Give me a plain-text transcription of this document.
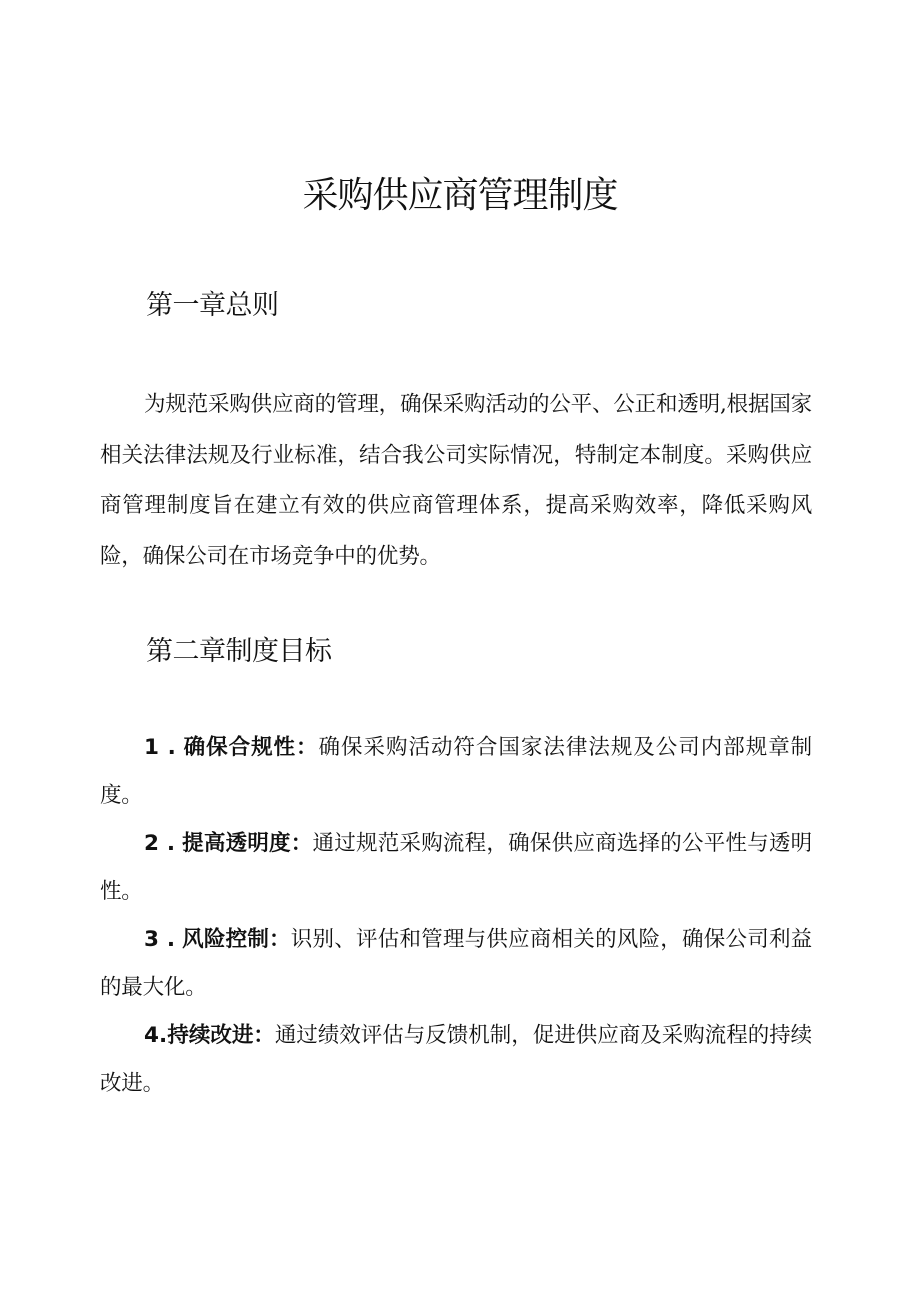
采购供应商管理制度
第一章总则

为规范采购供应商的管理，确保采购活动的公平、公正和透明,根据国家相关法律法规及行业标准，结合我公司实际情况，特制定本制度。采购供应商管理制度旨在建立有效的供应商管理体系，提高采购效率，降低采购风险，确保公司在市场竞争中的优势。

第二章制度目标

1 . 确保合规性：确保采购活动符合国家法律法规及公司内部规章制度。

2 . 提高透明度：通过规范采购流程，确保供应商选择的公平性与透明性。

3 . 风险控制：识别、评估和管理与供应商相关的风险，确保公司利益的最大化。

4.持续改进：通过绩效评估与反馈机制，促进供应商及采购流程的持续改进。
